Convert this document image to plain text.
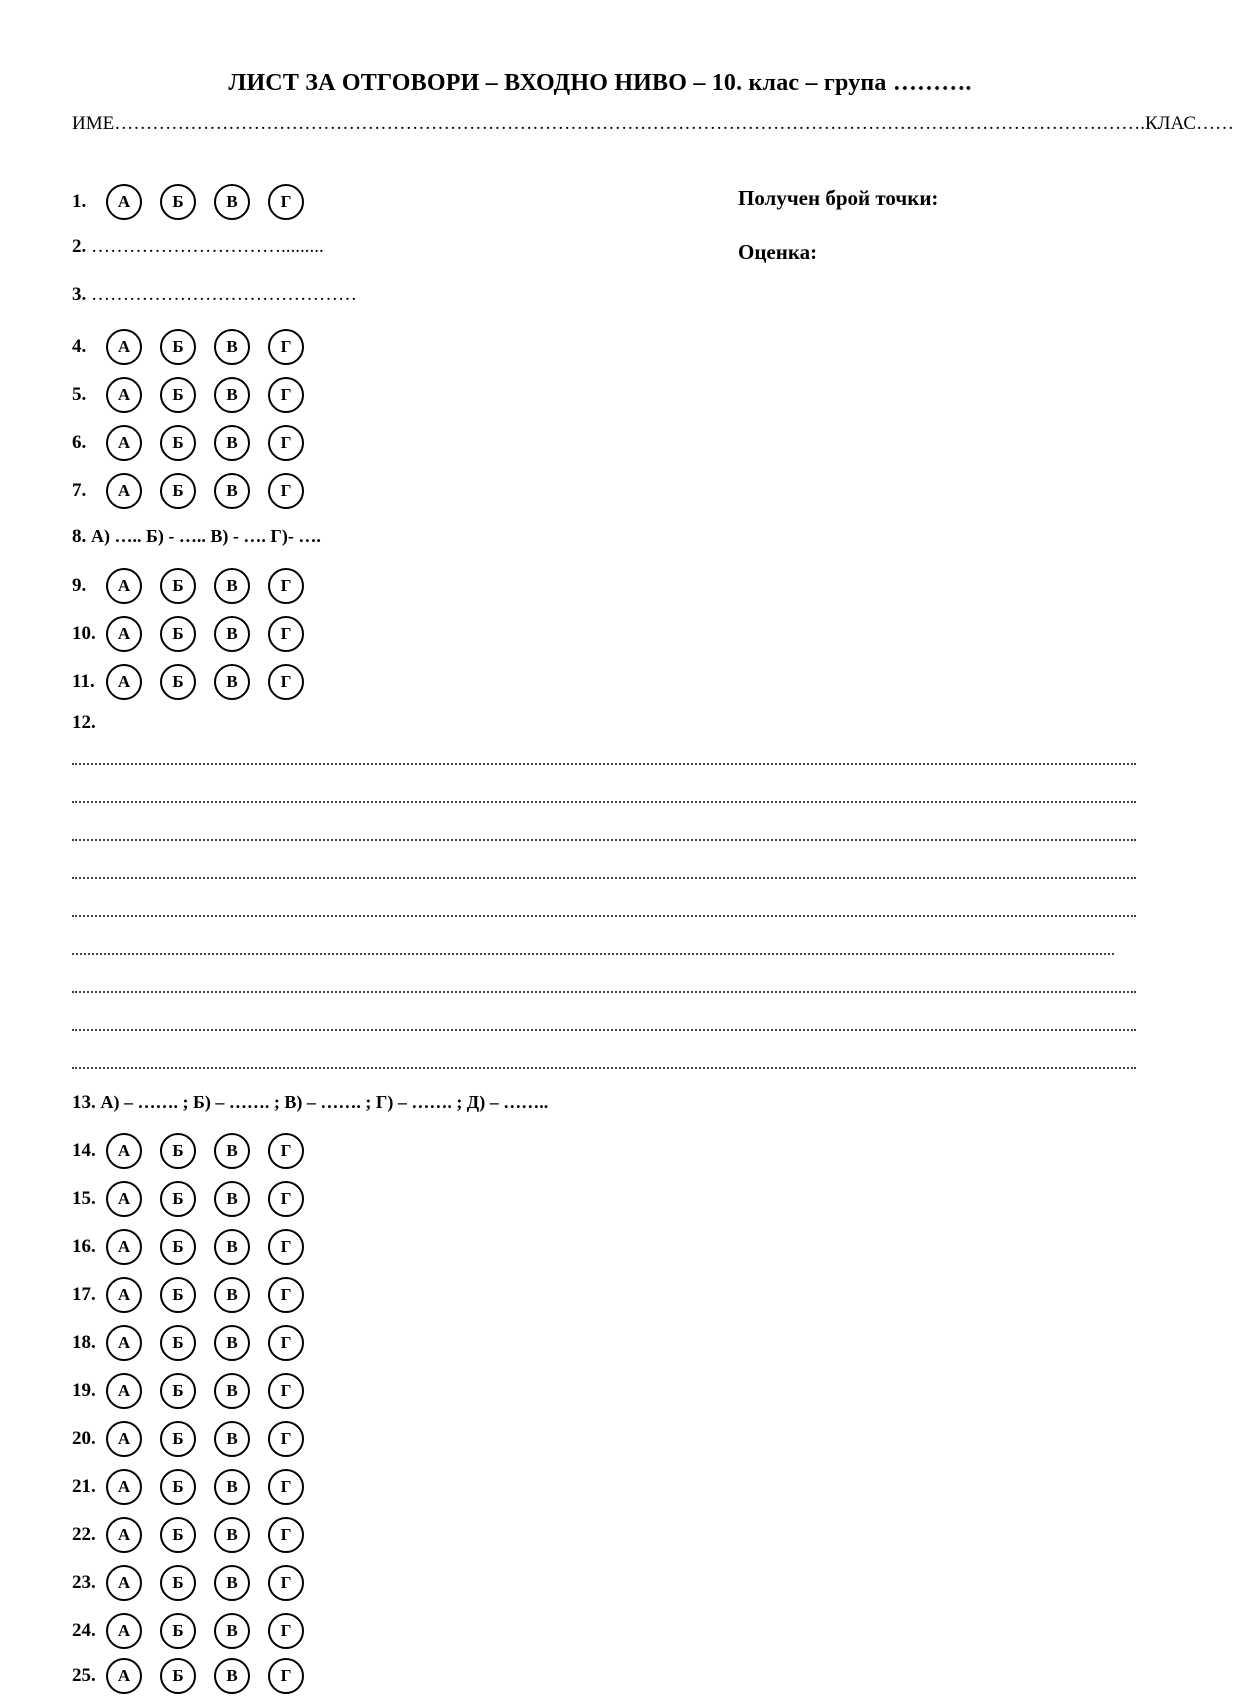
ЛИСТ ЗА ОТГОВОРИ – ВХОДНО НИВО – 10. клас – група ……….
ИМЕ ………………………………………………………………………………………………………………………………………………. КЛАС……
Получен брой точки:
Оценка:
1.	А	Б	В	Г
2. ………………………….........
3. ……………………………………
4.	А	Б	В	Г
5.	А	Б	В	Г
6.	А	Б	В	Г
7.	А	Б	В	Г
8. А) ….. Б) - ….. В) - …. Г)- ….
9.	А	Б	В	Г
10.	А	Б	В	Г
11.	А	Б	В	Г
12.
13. А) – ……. ; Б) – ……. ; В) – ……. ; Г) – ……. ; Д) – ……..
14.	А	Б	В	Г
15.	А	Б	В	Г
16.	А	Б	В	Г
17.	А	Б	В	Г
18.	А	Б	В	Г
19.	А	Б	В	Г
20.	А	Б	В	Г
21.	А	Б	В	Г
22.	А	Б	В	Г
23.	А	Б	В	Г
24.	А	Б	В	Г
25.	А	Б	В	Г
